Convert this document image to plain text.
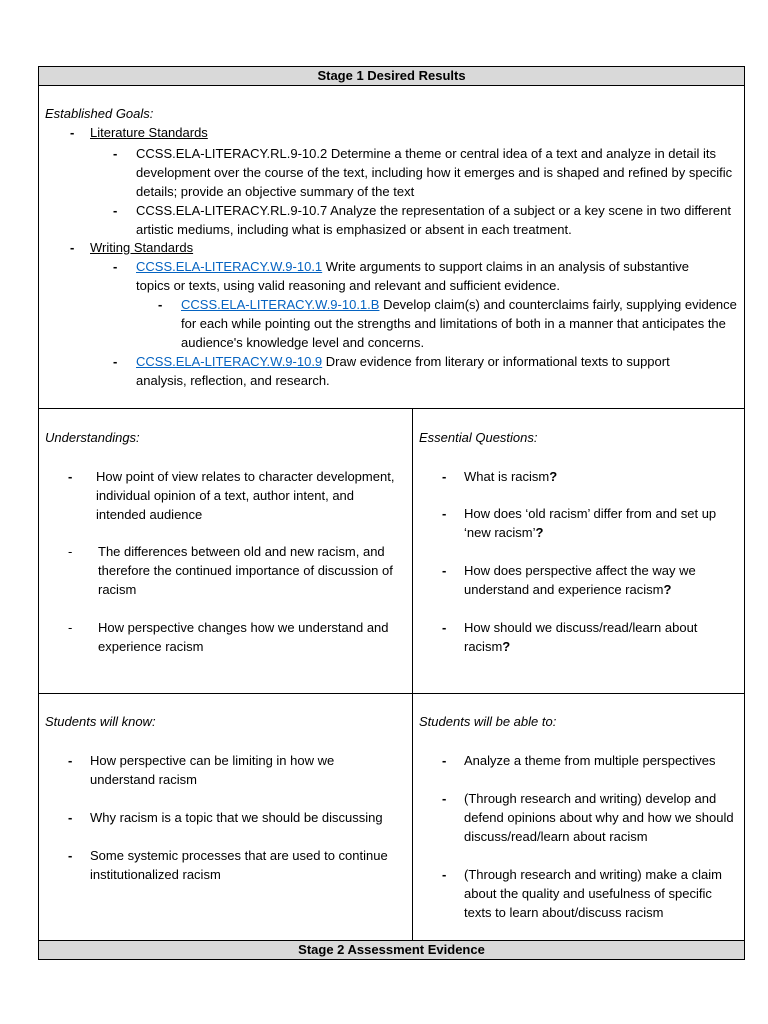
Stage 1 Desired Results
Established Goals:
- Literature Standards
- CCSS.ELA-LITERACY.RL.9-10.2 Determine a theme or central idea of a text and analyze in detail its development over the course of the text, including how it emerges and is shaped and refined by specific details; provide an objective summary of the text
- CCSS.ELA-LITERACY.RL.9-10.7 Analyze the representation of a subject or a key scene in two different artistic mediums, including what is emphasized or absent in each treatment.
- Writing Standards
- CCSS.ELA-LITERACY.W.9-10.1 Write arguments to support claims in an analysis of substantive topics or texts, using valid reasoning and relevant and sufficient evidence.
- CCSS.ELA-LITERACY.W.9-10.1.B Develop claim(s) and counterclaims fairly, supplying evidence for each while pointing out the strengths and limitations of both in a manner that anticipates the audience's knowledge level and concerns.
- CCSS.ELA-LITERACY.W.9-10.9 Draw evidence from literary or informational texts to support analysis, reflection, and research.
Understandings:
- How point of view relates to character development, individual opinion of a text, author intent, and intended audience
- The differences between old and new racism, and therefore the continued importance of discussion of racism
- How perspective changes how we understand and experience racism
Essential Questions:
- What is racism?
- How does ‘old racism’ differ from and set up ‘new racism’?
- How does perspective affect the way we understand and experience racism?
- How should we discuss/read/learn about racism?
Students will know:
- How perspective can be limiting in how we understand racism
- Why racism is a topic that we should be discussing
- Some systemic processes that are used to continue institutionalized racism
Students will be able to:
- Analyze a theme from multiple perspectives
- (Through research and writing) develop and defend opinions about why and how we should discuss/read/learn about racism
- (Through research and writing) make a claim about the quality and usefulness of specific texts to learn about/discuss racism
Stage 2 Assessment Evidence
